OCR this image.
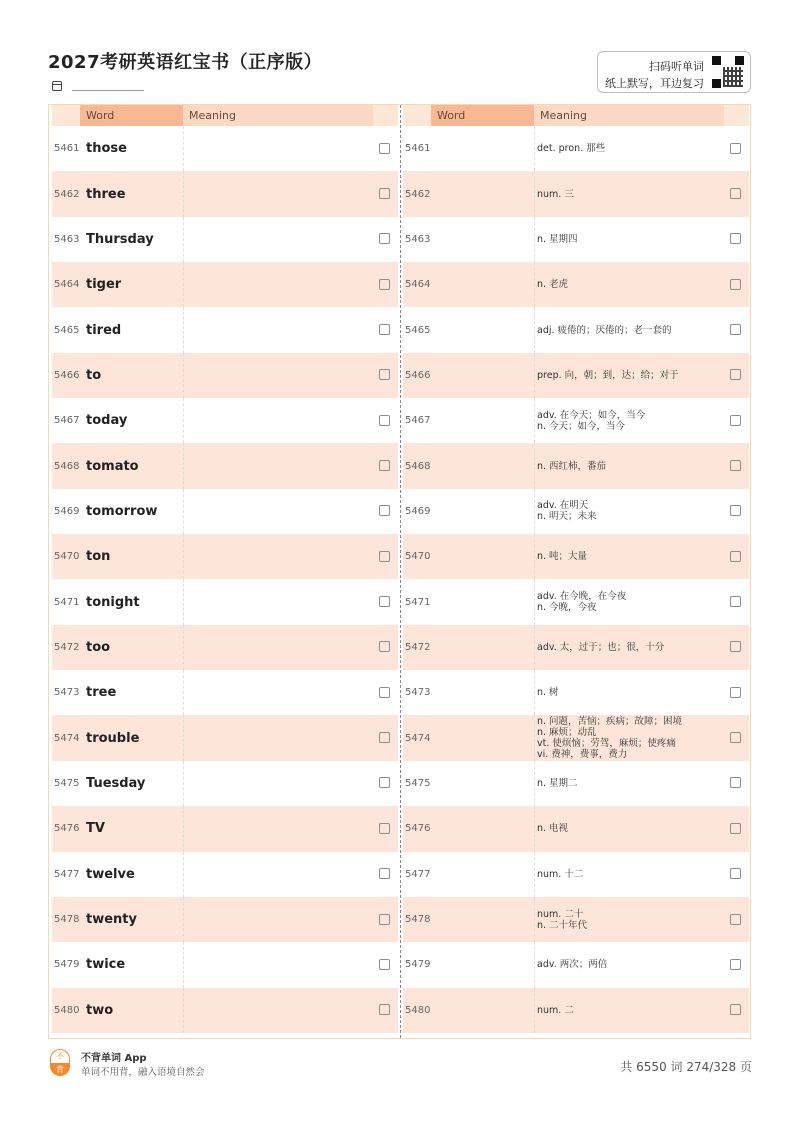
2027考研英语红宝书（正序版）	扫码听单词
纸上默写，耳边复习
Word	Meaning
5461 those
5462 three
5463 Thursday
5464 tiger
5465 tired
5466 to
5467 today
5468 tomato
5469 tomorrow
5470 ton
5471 tonight
5472 too
5473 tree
5474 trouble
5475 Tuesday
5476 TV
5477 twelve
5478 twenty
5479 twice
5480 two
Word	Meaning
5461	det. pron. 那些
5462	num. 三
5463	n. 星期四
5464	n. 老虎
5465	adj. 疲倦的；厌倦的；老一套的
5466	prep. 向，朝；到，达；给；对于
5467	adv. 在今天；如今，当今
n. 今天；如今，当今
5468	n. 西红柿，番茄
5469	adv. 在明天
n. 明天；未来
5470	n. 吨；大量
5471	adv. 在今晚，在今夜
n. 今晚，今夜
5472	adv. 太，过于；也；很，十分
5473	n. 树
5474
n. 问题，苦恼；疾病；故障；困境
n. 麻烦；动乱
vt. 使烦恼；劳驾，麻烦；使疼痛
vi. 费神，费事，费力
5475	n. 星期二
5476	n. 电视
5477	num. 十二
5478	num. 二十
n. 二十年代
5479	adv. 两次；两倍
5480	num. 二
不
背
不背单词 App
单词不用背，融入语境自然会	共 6550 词 274/328 页
